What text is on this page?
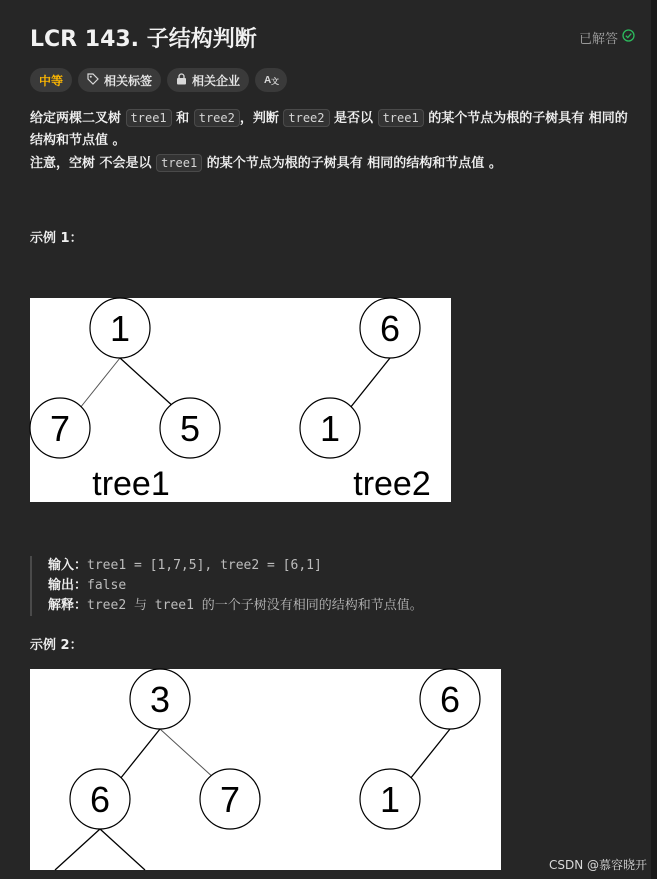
LCR 143. 子结构判断	已解答
中等	相关标签	相关企业 A 文

给定两棵二叉树 tree1 和 tree2 ，判断 tree2 是否以 tree1 的某个节点为根的子树具有 相同的结构和节点值 。

注意，空树 不会是以 tree1 的某个节点为根的子树具有 相同的结构和节点值 。

示例 1：
1
7	5
6
1
tree1	tree2
输入：tree1 = [1,7,5], tree2 = [6,1]
输出：false
解释：tree2 与 tree1 的一个子树没有相同的结构和节点值。
示例 2：
3
6	7
6
1
CSDN @慕容晓开
